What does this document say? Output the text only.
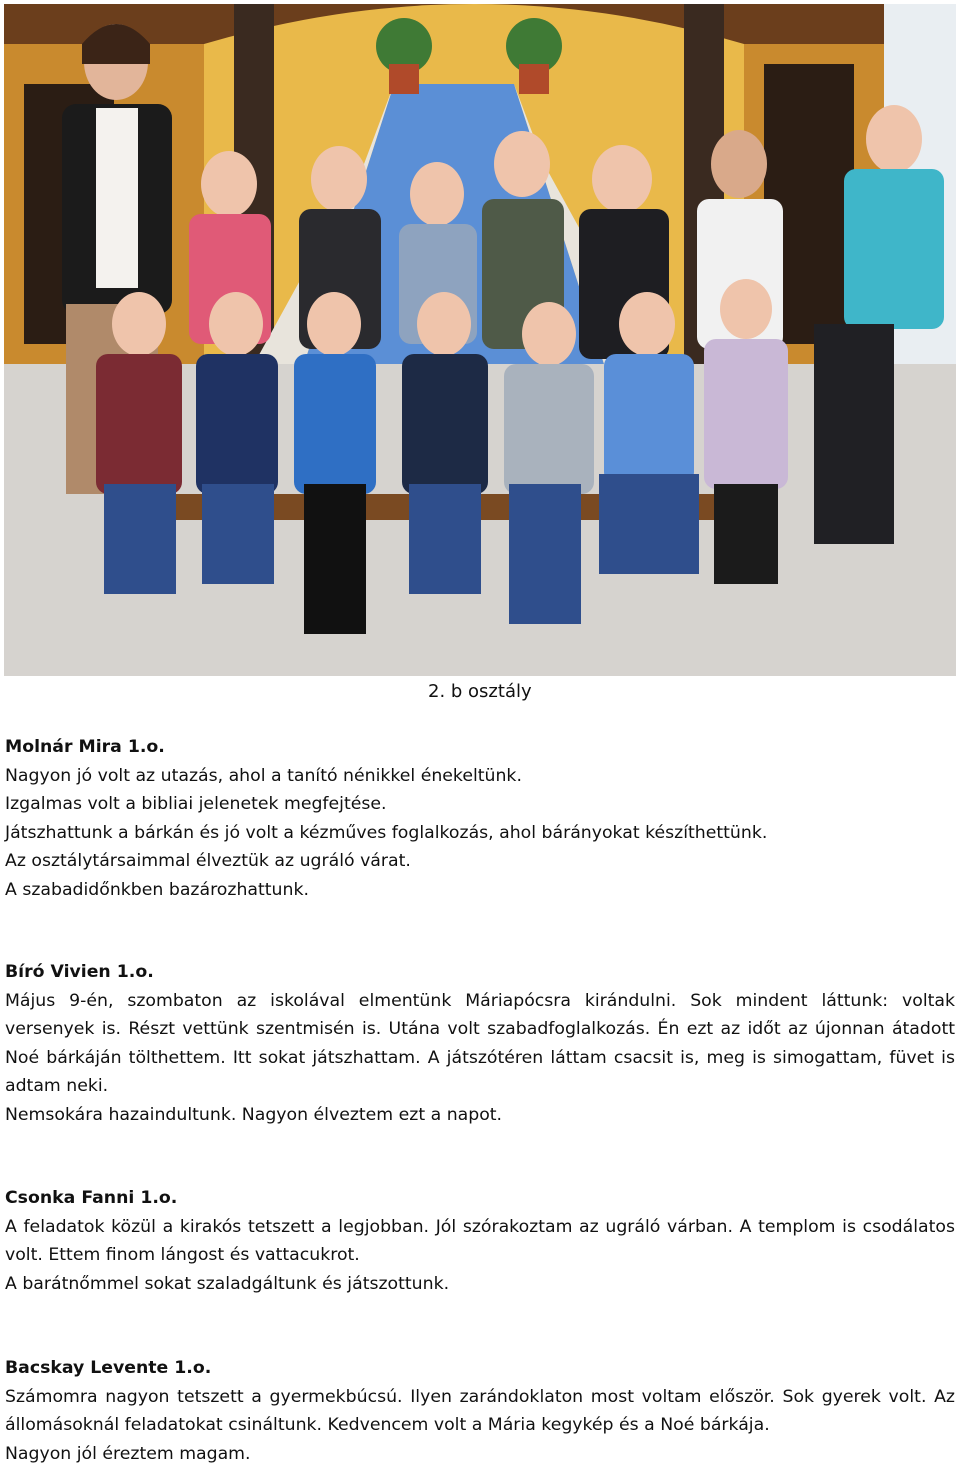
2. b osztály

Molnár Mira 1.o.

Nagyon jó volt az utazás, ahol a tanító nénikkel énekeltünk.

Izgalmas volt a bibliai jelenetek megfejtése.

Játszhattunk a bárkán és jó volt a kézműves foglalkozás, ahol bárányokat készíthettünk.

Az osztálytársaimmal élveztük az ugráló várat.

A szabadidőnkben bazározhattunk.

Bíró Vivien 1.o.

Május 9-én, szombaton az iskolával elmentünk Máriapócsra kirándulni. Sok mindent láttunk: voltak versenyek is. Részt vettünk szentmisén is. Utána volt szabadfoglalkozás. Én ezt az időt az újonnan átadott Noé bárkáján tölthettem. Itt sokat játszhattam. A játszótéren láttam csacsit is, meg is simogattam, füvet is adtam neki.

Nemsokára hazaindultunk. Nagyon élveztem ezt a napot.

Csonka Fanni 1.o.

A feladatok közül a kirakós tetszett a legjobban. Jól szórakoztam az ugráló várban. A templom is csodálatos volt. Ettem finom lángost és vattacukrot.

A barátnőmmel sokat szaladgáltunk és játszottunk.

Bacskay Levente 1.o.

Számomra nagyon tetszett a gyermekbúcsú. Ilyen zarándoklaton most voltam először. Sok gyerek volt. Az állomásoknál feladatokat csináltunk. Kedvencem volt a Mária kegykép és a Noé bárkája.

Nagyon jól éreztem magam.
